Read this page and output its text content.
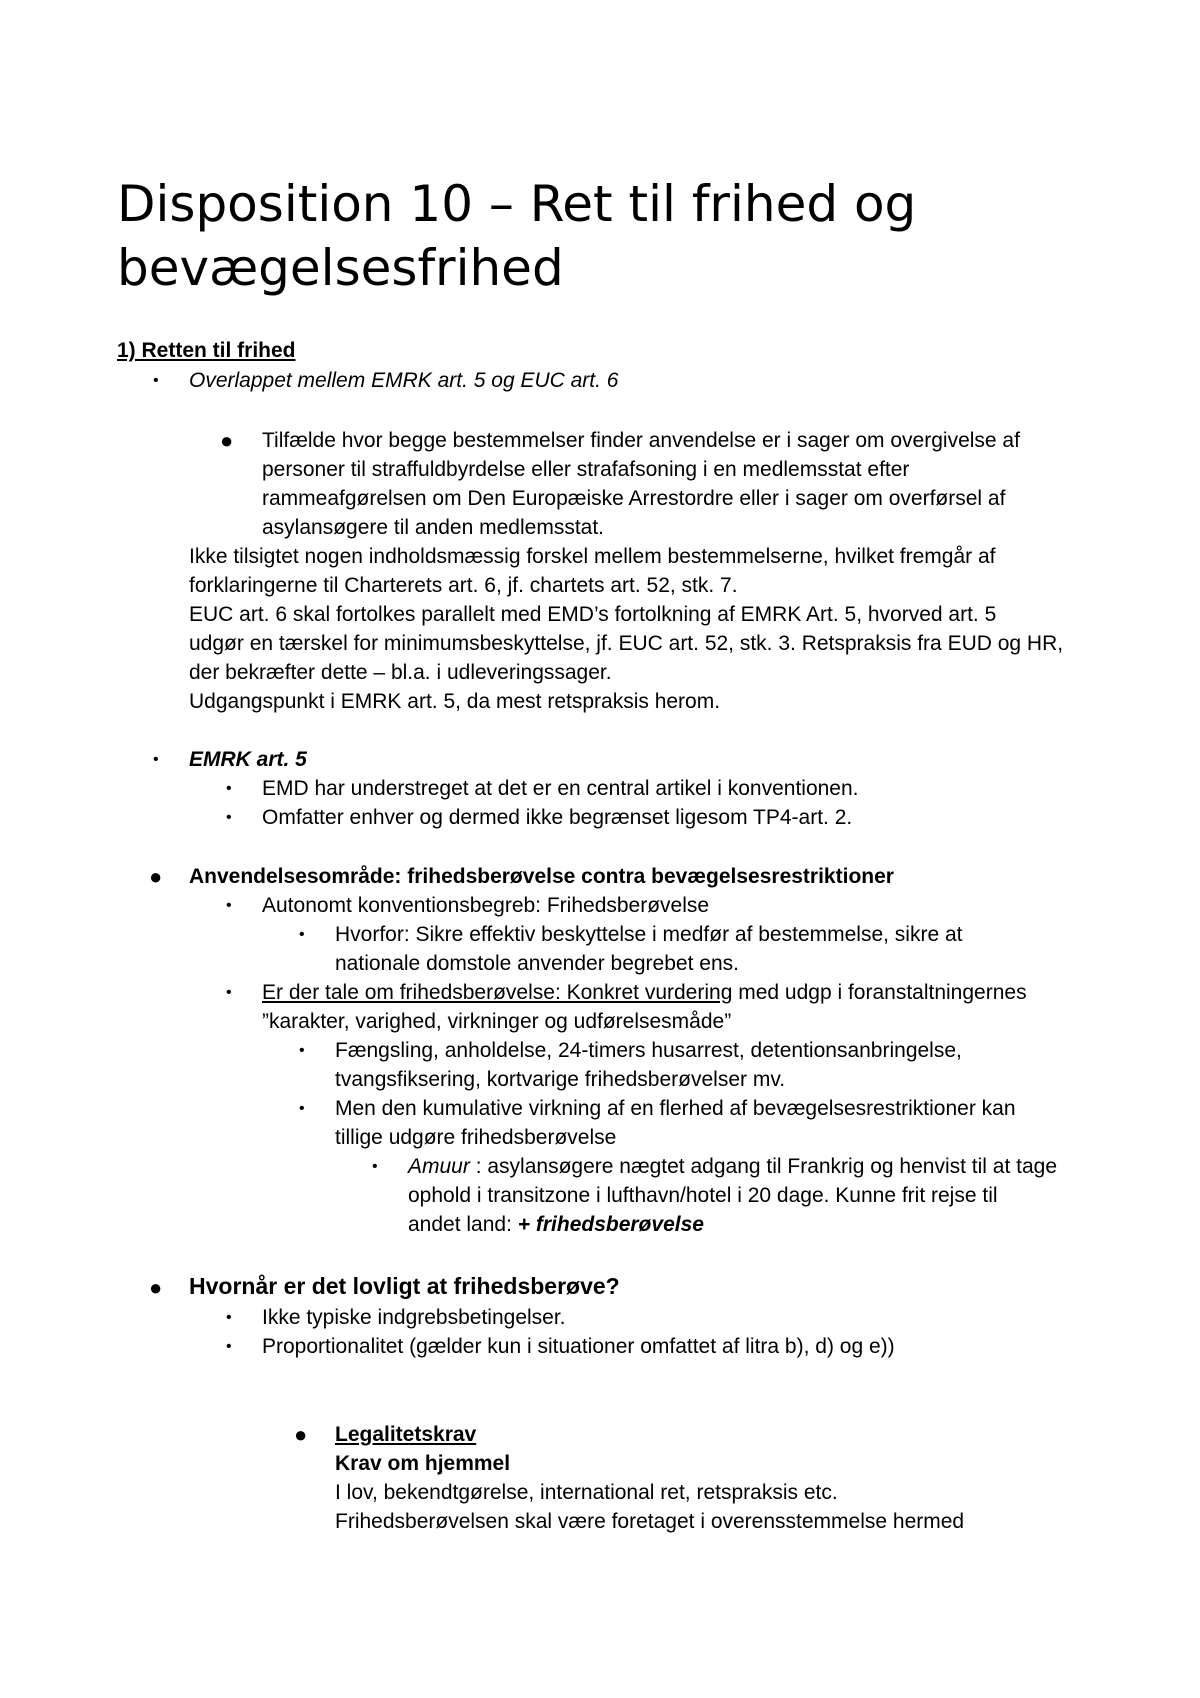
Disposition 10 – Ret til frihed og bevægelsesfrihed
1) Retten til frihed
• Overlappet mellem EMRK art. 5 og EUC art. 6
● Tilfælde hvor begge bestemmelser finder anvendelse er i sager om overgivelse af
personer til straffuldbyrdelse eller strafafsoning i en medlemsstat efter
rammeafgørelsen om Den Europæiske Arrestordre eller i sager om overførsel af
asylansøgere til anden medlemsstat.
Ikke tilsigtet nogen indholdsmæssig forskel mellem bestemmelserne, hvilket fremgår af
forklaringerne til Charterets art. 6, jf. chartets art. 52, stk. 7.
EUC art. 6 skal fortolkes parallelt med EMD’s fortolkning af EMRK Art. 5, hvorved art. 5
udgør en tærskel for minimumsbeskyttelse, jf. EUC art. 52, stk. 3. Retspraksis fra EUD og HR,
der bekræfter dette – bl.a. i udleveringssager.
Udgangspunkt i EMRK art. 5, da mest retspraksis herom.
• EMRK art. 5
• EMD har understreget at det er en central artikel i konventionen.
• Omfatter enhver og dermed ikke begrænset ligesom TP4-art. 2.
● Anvendelsesområde: frihedsberøvelse contra bevægelsesrestriktioner
• Autonomt konventionsbegreb: Frihedsberøvelse
• Hvorfor: Sikre effektiv beskyttelse i medfør af bestemmelse, sikre at
nationale domstole anvender begrebet ens.
• Er der tale om frihedsberøvelse: Konkret vurdering med udgp i foranstaltningernes
”karakter, varighed, virkninger og udførelsesmåde”
• Fængsling, anholdelse, 24-timers husarrest, detentionsanbringelse,
tvangsfiksering, kortvarige frihedsberøvelser mv.
• Men den kumulative virkning af en flerhed af bevægelsesrestriktioner kan
tillige udgøre frihedsberøvelse
• Amuur : asylansøgere nægtet adgang til Frankrig og henvist til at tage
ophold i transitzone i lufthavn/hotel i 20 dage. Kunne frit rejse til
andet land: + frihedsberøvelse
● Hvornår er det lovligt at frihedsberøve?
• Ikke typiske indgrebsbetingelser.
• Proportionalitet (gælder kun i situationer omfattet af litra b), d) og e))
● Legalitetskrav
Krav om hjemmel
I lov, bekendtgørelse, international ret, retspraksis etc.
Frihedsberøvelsen skal være foretaget i overensstemmelse hermed
